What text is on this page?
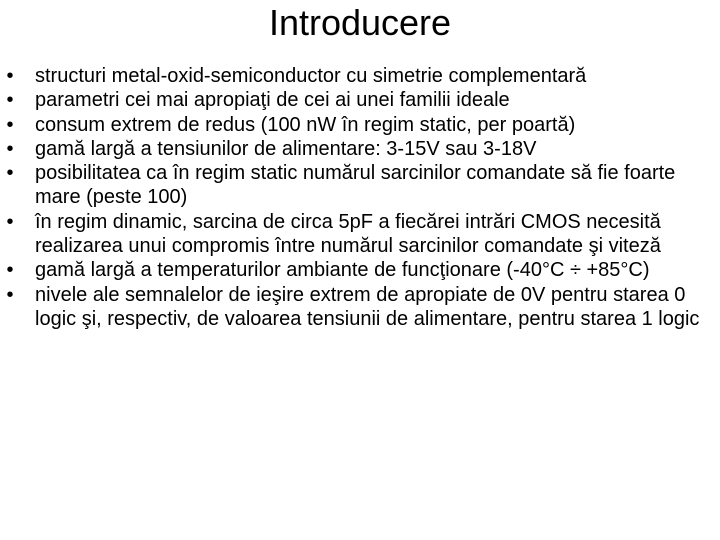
Introducere
• structuri metal-oxid-semiconductor cu simetrie complementară
• parametri cei mai apropiaţi de cei ai unei familii ideale
• consum extrem de redus (100 nW în regim static, per poartă)
• gamă largă a tensiunilor de alimentare: 3-15V sau 3-18V
• posibilitatea ca în regim static numărul sarcinilor comandate să fie foarte mare (peste 100)
• în regim dinamic, sarcina de circa 5pF a fiecărei intrări CMOS necesită realizarea unui compromis între numărul sarcinilor comandate şi viteză
• gamă largă a temperaturilor ambiante de funcţionare (-40°C ÷ +85°C)
• nivele ale semnalelor de ieşire extrem de apropiate de 0V pentru starea 0 logic şi, respectiv, de valoarea tensiunii de alimentare, pentru starea 1 logic
